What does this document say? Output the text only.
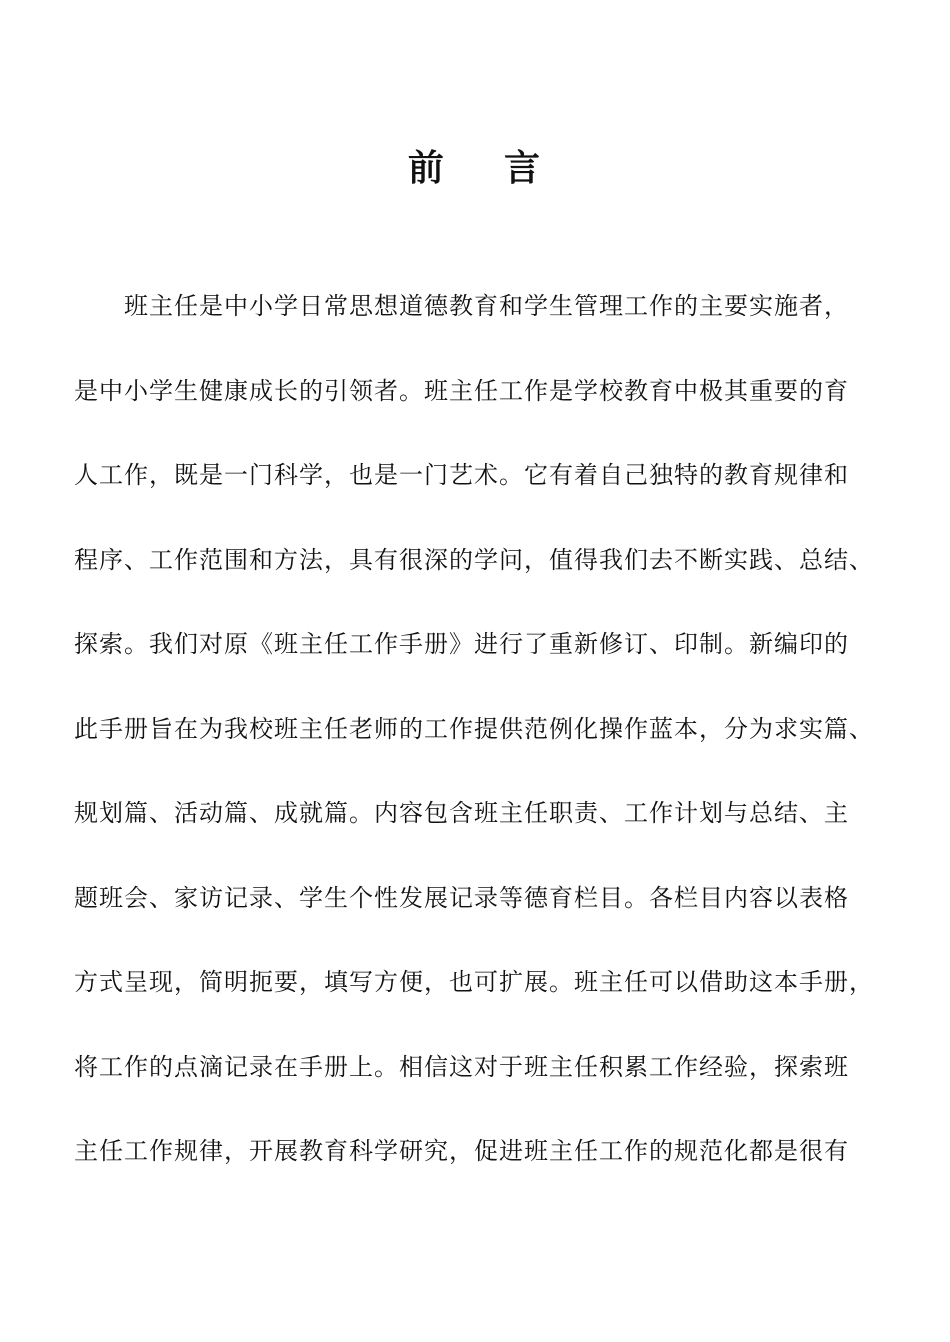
前    言
班主任是中小学日常思想道德教育和学生管理工作的主要实施者，
是中小学生健康成长的引领者。班主任工作是学校教育中极其重要的育
人工作，既是一门科学，也是一门艺术。它有着自己独特的教育规律和
程序、工作范围和方法，具有很深的学问，值得我们去不断实践、总结、
探索。我们对原《班主任工作手册》进行了重新修订、印制。新编印的
此手册旨在为我校班主任老师的工作提供范例化操作蓝本，分为求实篇、
规划篇、活动篇、成就篇。内容包含班主任职责、工作计划与总结、主
题班会、家访记录、学生个性发展记录等德育栏目。各栏目内容以表格
方式呈现，简明扼要，填写方便，也可扩展。班主任可以借助这本手册，
将工作的点滴记录在手册上。相信这对于班主任积累工作经验，探索班
主任工作规律，开展教育科学研究，促进班主任工作的规范化都是很有
